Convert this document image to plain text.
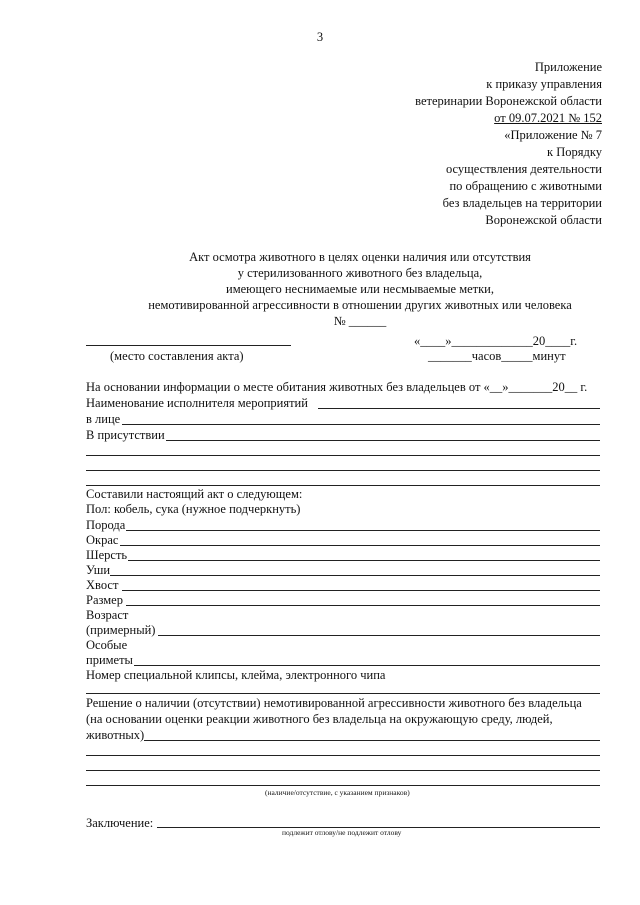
3
Приложение
к приказу управления
ветеринарии Воронежской области
от 09.07.2021 № 152
«Приложение № 7
к Порядку
осуществления деятельности
по обращению с животными
без владельцев на территории
Воронежской области
Акт осмотра животного в целях оценки наличия или отсутствия
у стерилизованного животного без владельца,
имеющего неснимаемые или несмываемые метки,
немотивированной агрессивности в отношении других животных или человека
№ ______
(место составления акта)
«____»_____________20____г.
_______часов_____минут
На основании информации о месте обитания животных без владельцев от «__»_______20__ г.
Наименование исполнителя мероприятий
в лице
В присутствии
Составили настоящий акт о следующем:
Пол: кобель, сука (нужное подчеркнуть)
Порода
Окрас
Шерсть
Уши
Хвост
Размер
Возраст
(примерный)
Особые
приметы
Номер специальной клипсы, клейма, электронного чипа
Решение о наличии (отсутствии) немотивированной агрессивности животного без владельца
(на основании оценки реакции животного без владельца на окружающую среду, людей,
животных)
(наличие/отсутствие, с указанием признаков)
Заключение:
подлежит отлову/не подлежит отлову
